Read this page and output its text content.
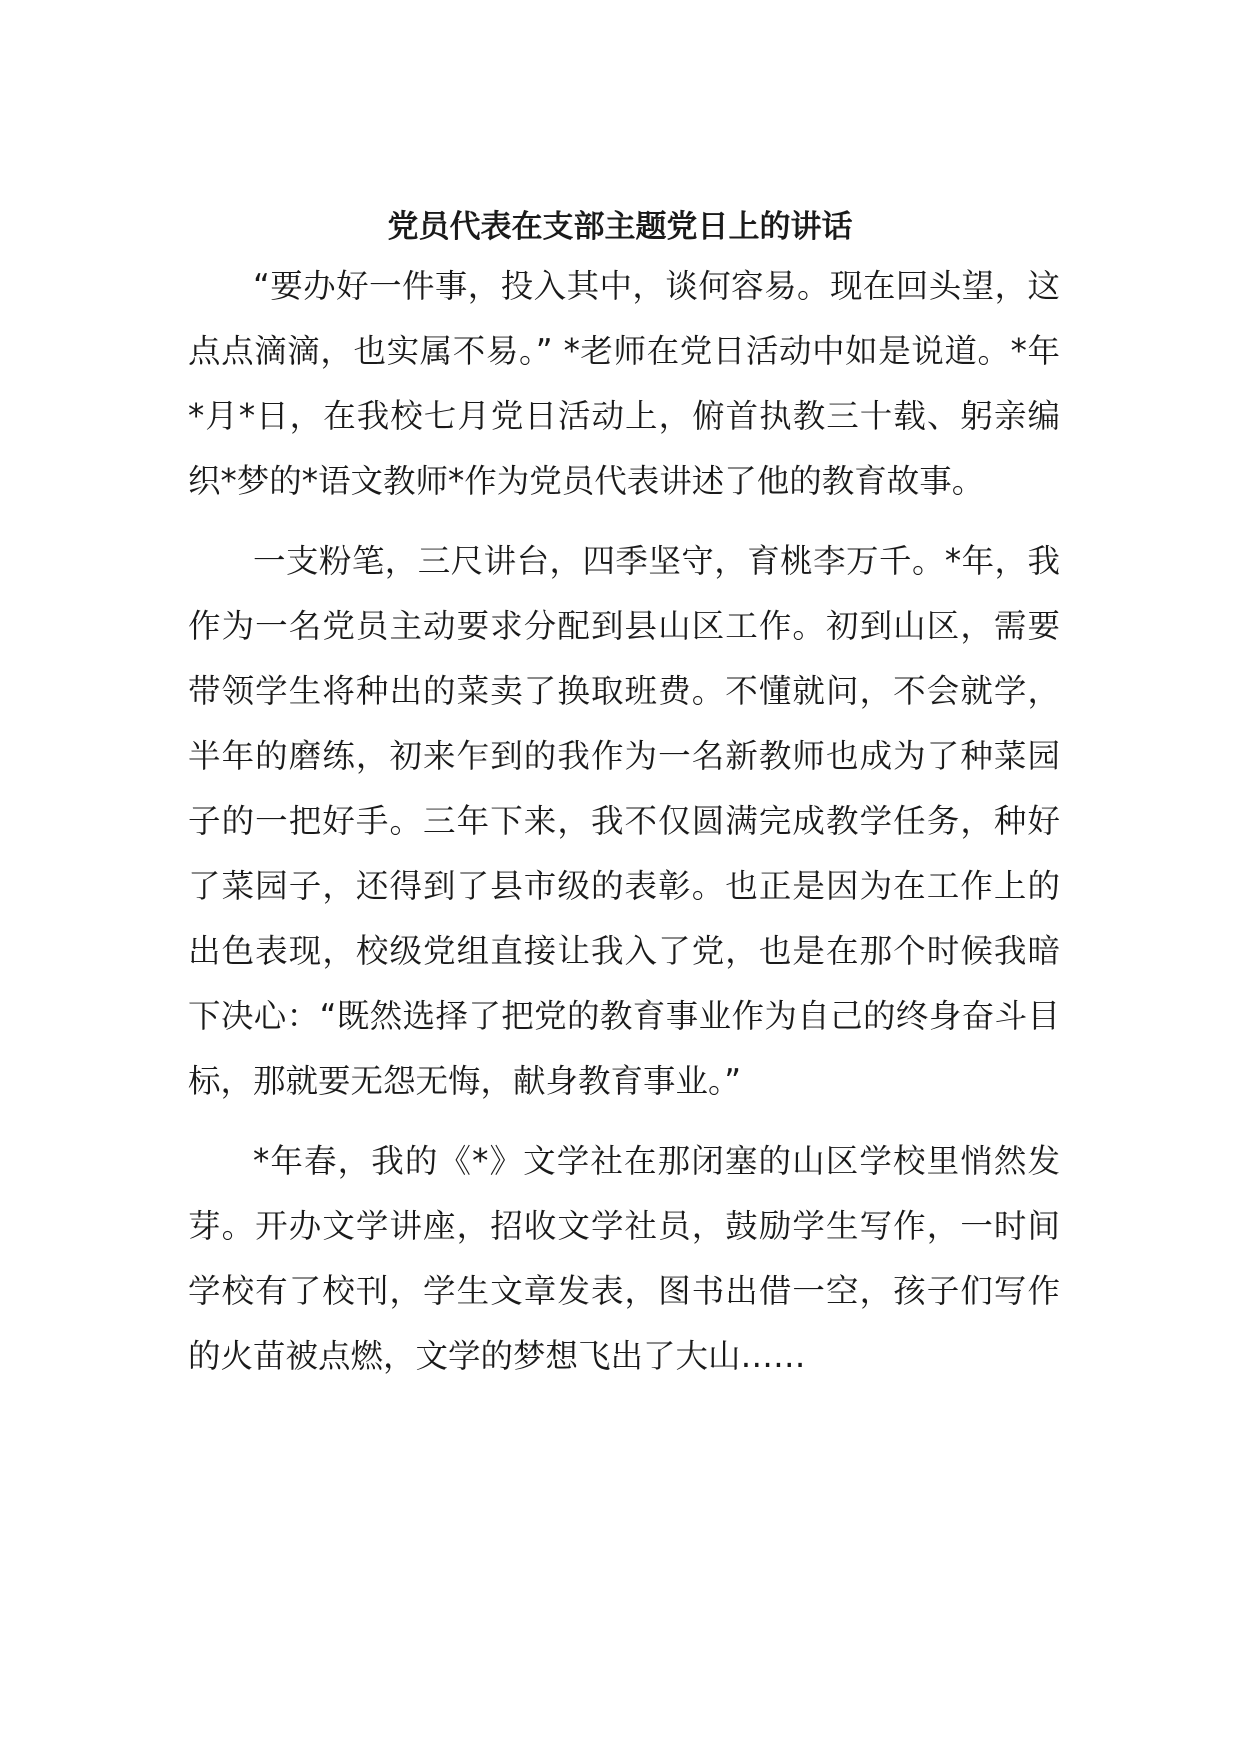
党员代表在支部主题党日上的讲话

“要办好一件事，投入其中，谈何容易。现在回头望，这点点滴滴，也实属不易。” *老师在党日活动中如是说道。*年*月*日，在我校七月党日活动上，俯首执教三十载、躬亲编织*梦的*语文教师*作为党员代表讲述了他的教育故事。

一支粉笔，三尺讲台，四季坚守，育桃李万千。*年，我作为一名党员主动要求分配到县山区工作。初到山区，需要带领学生将种出的菜卖了换取班费。不懂就问，不会就学，半年的磨练，初来乍到的我作为一名新教师也成为了种菜园子的一把好手。三年下来，我不仅圆满完成教学任务，种好了菜园子，还得到了县市级的表彰。也正是因为在工作上的出色表现，校级党组直接让我入了党，也是在那个时候我暗下决心：“既然选择了把党的教育事业作为自己的终身奋斗目标，那就要无怨无悔，献身教育事业。”

*年春，我的《*》文学社在那闭塞的山区学校里悄然发芽。开办文学讲座，招收文学社员，鼓励学生写作，一时间学校有了校刊，学生文章发表，图书出借一空，孩子们写作的火苗被点燃，文学的梦想飞出了大山……
